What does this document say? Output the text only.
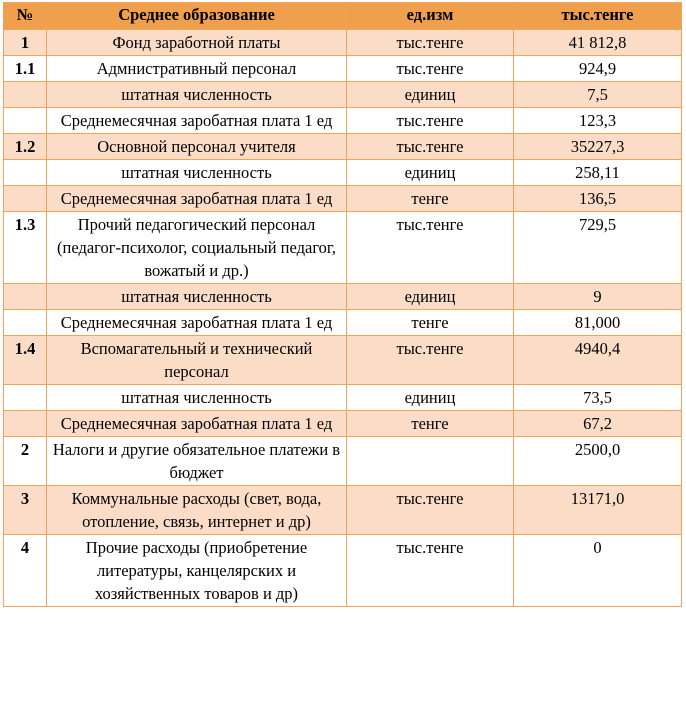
№	Среднее образование	ед.изм	тыс.тенге
1	Фонд заработной платы	тыс.тенге	41 812,8
1.1	Адмнистративный персонал	тыс.тенге	924,9
	штатная численность	единиц	7,5
	Среднемесячная заробатная плата 1 ед	тыс.тенге	123,3
1.2	Основной персонал учителя	тыс.тенге	35227,3
	штатная численность	единиц	258,11
	Среднемесячная заробатная плата 1 ед	тенге	136,5
1.3	Прочий педагогический персонал (педагог-психолог, социальный педагог, вожатый и др.)	тыс.тенге	729,5
	штатная численность	единиц	9
	Среднемесячная заробатная плата 1 ед	тенге	81,000
1.4	Вспомагательный и технический персонал	тыс.тенге	4940,4
	штатная численность	единиц	73,5
	Среднемесячная заробатная плата 1 ед	тенге	67,2
2	Налоги и другие обязательное платежи в бюджет		2500,0
3	Коммунальные расходы (свет, вода, отопление, связь, интернет и др)	тыс.тенге	13171,0
4	Прочие расходы (приобретение литературы, канцелярских и хозяйственных товаров и др)	тыс.тенге	0
